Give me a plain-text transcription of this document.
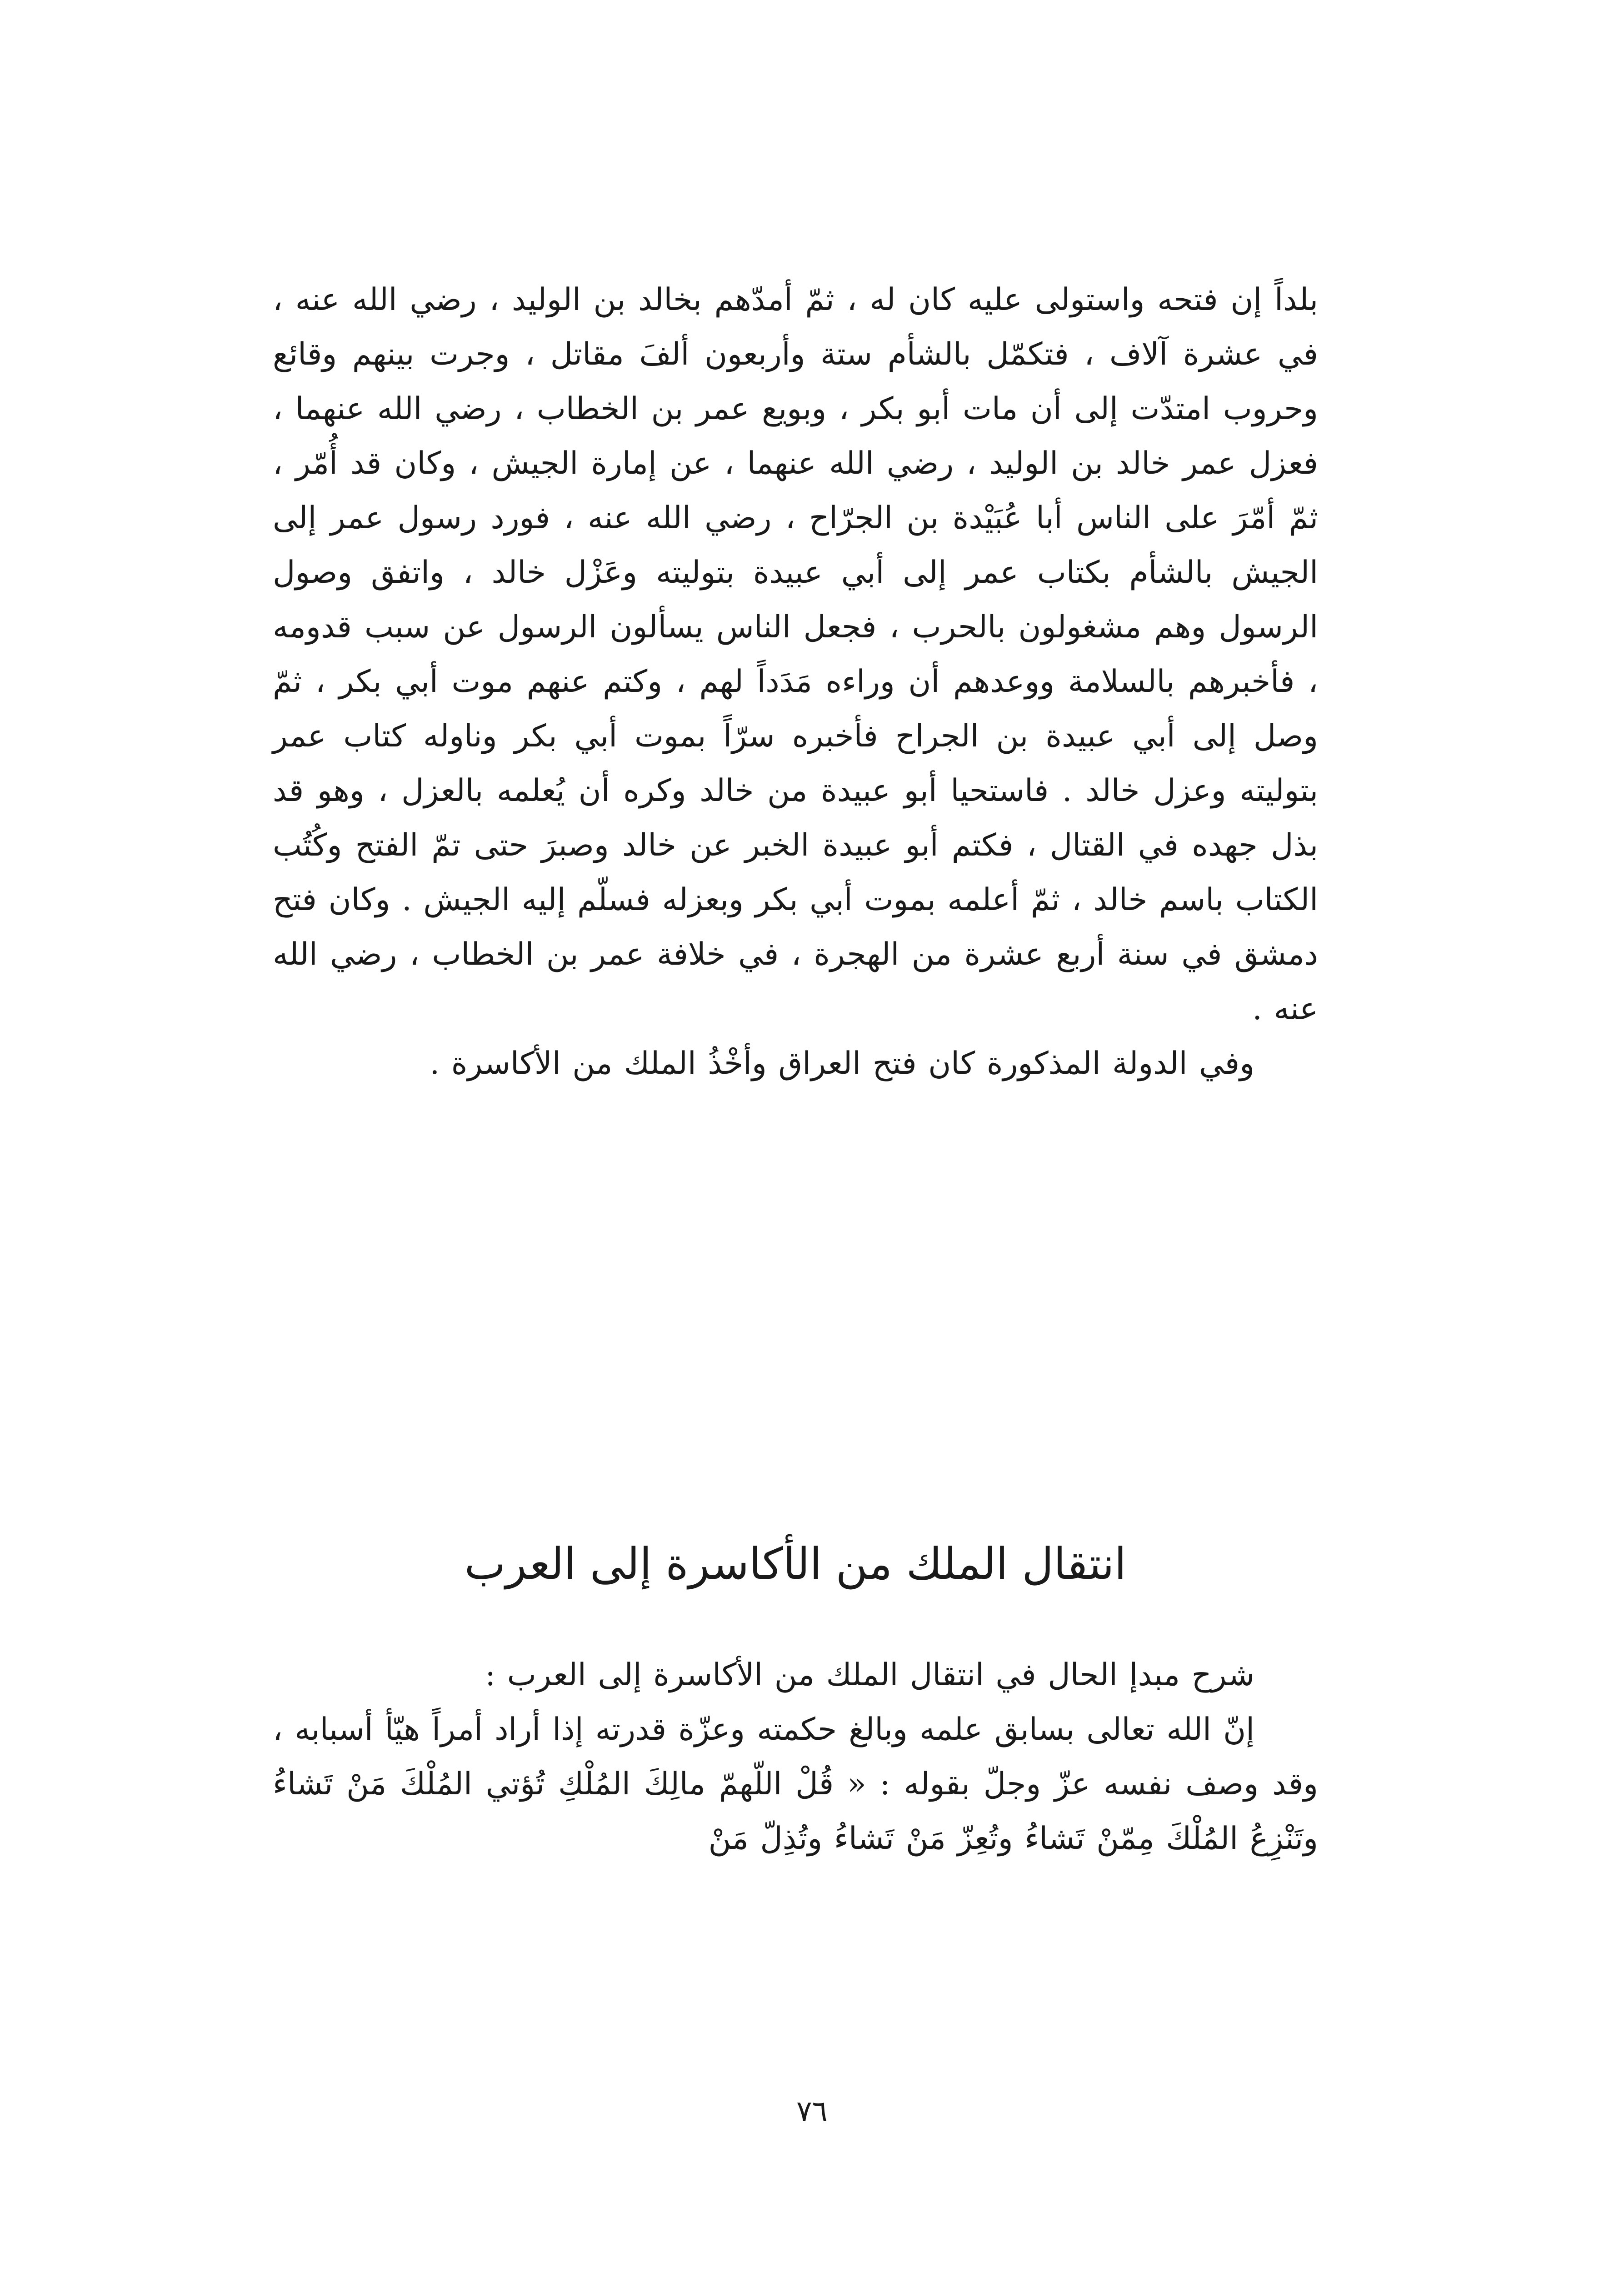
بلداً إن فتحه واستولى عليه كان له ، ثمّ أمدّهم بخالد بن الوليد ، رضي الله عنه ، في عشرة آلاف ، فتكمّل بالشأم ستة وأربعون ألفَ مقاتل ، وجرت بينهم وقائع وحروب امتدّت إلى أن مات أبو بكر ، وبويع عمر بن الخطاب ، رضي الله عنهما ، فعزل عمر خالد بن الوليد ، رضي الله عنهما ، عن إمارة الجيش ، وكان قد أُمّر ، ثمّ أمّرَ على الناس أبا عُبَيْدة بن الجرّاح ، رضي الله عنه ، فورد رسول عمر إلى الجيش بالشأم بكتاب عمر إلى أبي عبيدة بتوليته وعَزْل خالد ، واتفق وصول الرسول وهم مشغولون بالحرب ، فجعل الناس يسألون الرسول عن سبب قدومه ، فأخبرهم بالسلامة ووعدهم أن وراءه مَدَداً لهم ، وكتم عنهم موت أبي بكر ، ثمّ وصل إلى أبي عبيدة بن الجراح فأخبره سرّاً بموت أبي بكر وناوله كتاب عمر بتوليته وعزل خالد . فاستحيا أبو عبيدة من خالد وكره أن يُعلمه بالعزل ، وهو قد بذل جهده في القتال ، فكتم أبو عبيدة الخبر عن خالد وصبرَ حتى تمّ الفتح وكُتُب الكتاب باسم خالد ، ثمّ أعلمه بموت أبي بكر وبعزله فسلّم إليه الجيش . وكان فتح دمشق في سنة أربع عشرة من الهجرة ، في خلافة عمر بن الخطاب ، رضي الله عنه .

وفي الدولة المذكورة كان فتح العراق وأخْذُ الملك من الأكاسرة .

انتقال الملك من الأكاسرة إلى العرب

شرح مبدإ الحال في انتقال الملك من الأكاسرة إلى العرب :

إنّ الله تعالى بسابق علمه وبالغ حكمته وعزّة قدرته إذا أراد أمراً هيّأ أسبابه ، وقد وصف نفسه عزّ وجلّ بقوله : « قُلْ اللّهمّ مالِكَ المُلْكِ تُؤتي المُلْكَ مَنْ تَشاءُ وتَنْزِعُ المُلْكَ مِمّنْ تَشاءُ وتُعِزّ مَنْ تَشاءُ وتُذِلّ مَنْ

٧٦
